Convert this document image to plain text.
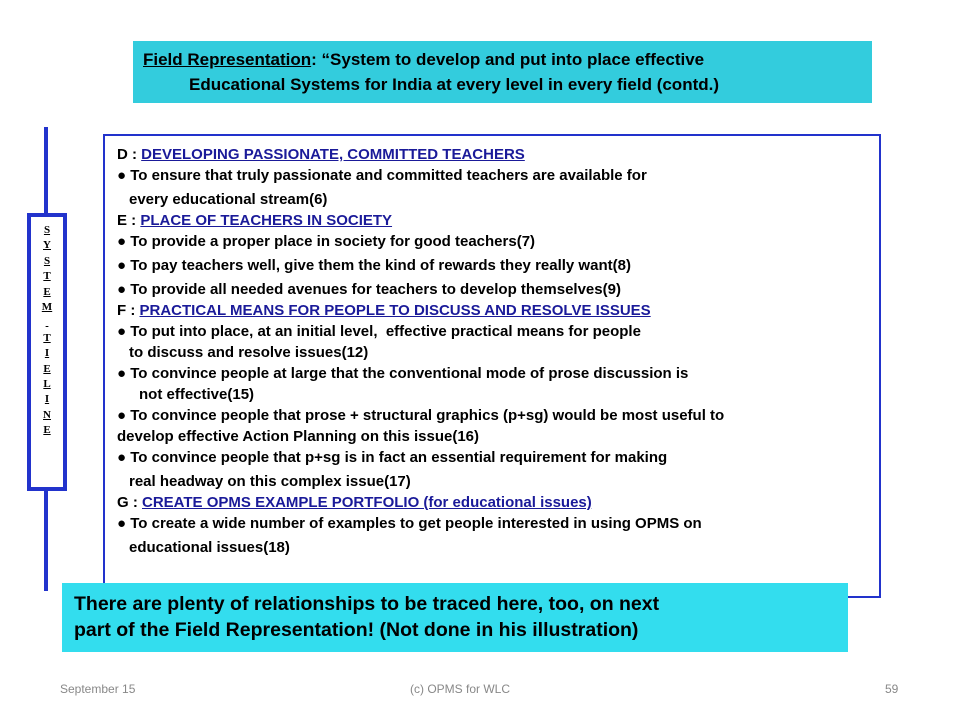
Field Representation: “System to develop and put into place effective
Educational Systems for India at every level in every field (contd.)
S
Y
S
T
E
M

T
I
E
L
I
N
E
D : DEVELOPING PASSIONATE, COMMITTED TEACHERS
● To ensure that truly passionate and committed teachers are available for
every educational stream(6)
E : PLACE OF TEACHERS IN SOCIETY
● To provide a proper place in society for good teachers(7)
● To pay teachers well, give them the kind of rewards they really want(8)
● To provide all needed avenues for teachers to develop themselves(9)
F : PRACTICAL MEANS FOR PEOPLE TO DISCUSS AND RESOLVE ISSUES
● To put into place, at an initial level,  effective practical means for people
to discuss and resolve issues(12)
● To convince people at large that the conventional mode of prose discussion is
not effective(15)
● To convince people that prose + structural graphics (p+sg) would be most useful to
develop effective Action Planning on this issue(16)
● To convince people that p+sg is in fact an essential requirement for making
real headway on this complex issue(17)
G : CREATE OPMS EXAMPLE PORTFOLIO (for educational issues)
● To create a wide number of examples to get people interested in using OPMS on
educational issues(18)
There are plenty of relationships to be traced here, too, on next
part of the Field Representation! (Not done in his illustration)
September 15	(c) OPMS for WLC	59
